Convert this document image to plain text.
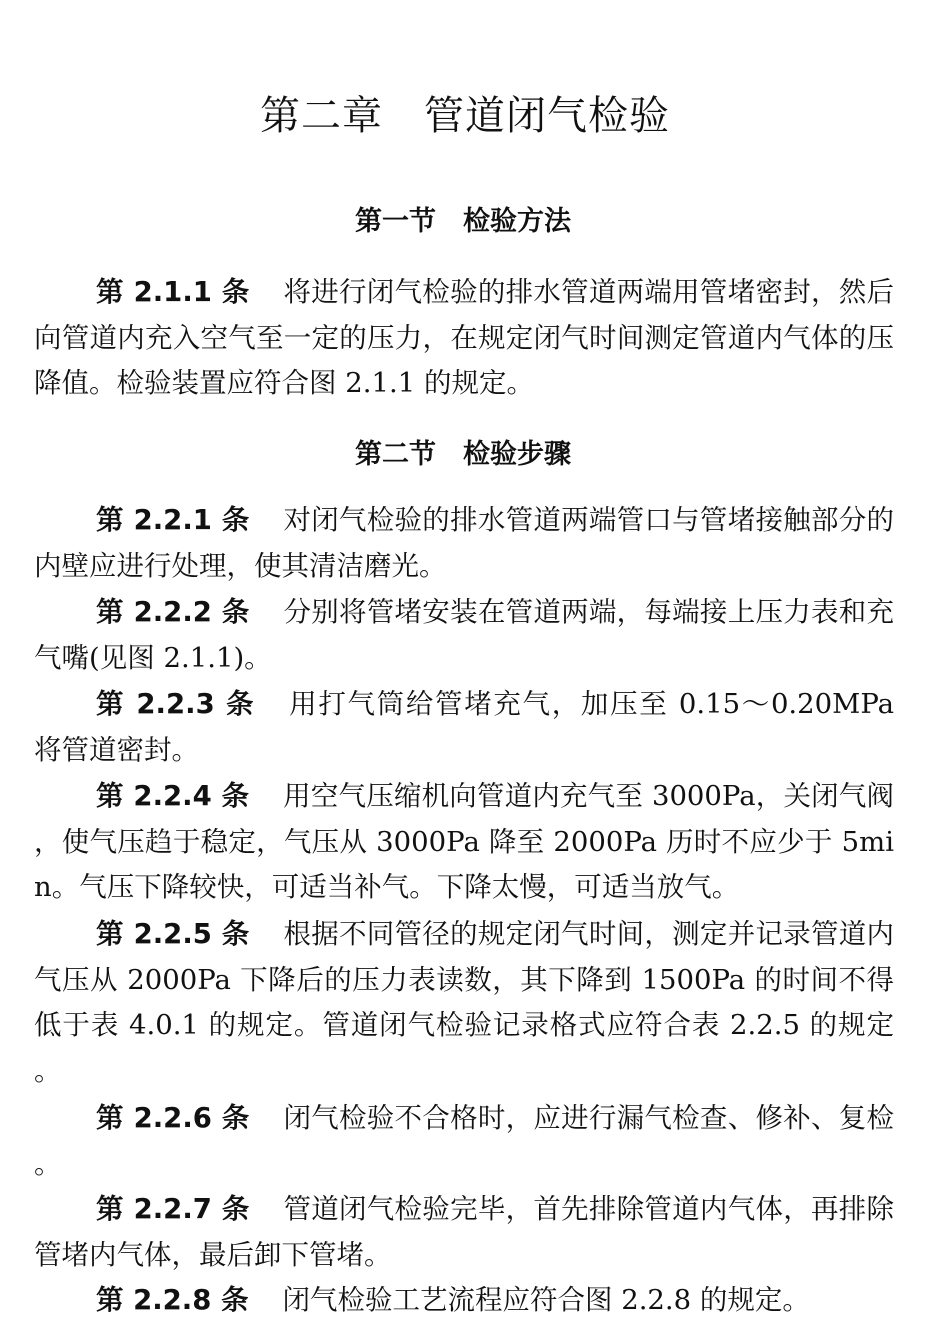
第二章　管道闭气检验
第一节　检验方法

第 2.1.1 条 将进行闭气检验的排水管道两端用管堵密封，然后向管道内充入空气至一定的压力，在规定闭气时间测定管道内气体的压降值。检验装置应符合图 2.1.1 的规定。

第二节　检验步骤

第 2.2.1 条 对闭气检验的排水管道两端管口与管堵接触部分的内壁应进行处理，使其清洁磨光。

第 2.2.2 条 分别将管堵安装在管道两端，每端接上压力表和充气嘴(见图 2.1.1)。

第 2.2.3 条 用打气筒给管堵充气，加压至 0.15～0.20MPa 将管道密封。

第 2.2.4 条 用空气压缩机向管道内充气至 3000Pa，关闭气阀，使气压趋于稳定，气压从 3000Pa 降至 2000Pa 历时不应少于 5min。气压下降较快，可适当补气。下降太慢，可适当放气。

第 2.2.5 条 根据不同管径的规定闭气时间，测定并记录管道内气压从 2000Pa 下降后的压力表读数，其下降到 1500Pa 的时间不得低于表 4.0.1 的规定。管道闭气检验记录格式应符合表 2.2.5 的规定。

第 2.2.6 条 闭气检验不合格时，应进行漏气检查、修补、复检。

第 2.2.7 条 管道闭气检验完毕，首先排除管道内气体，再排除管堵内气体，最后卸下管堵。

第 2.2.8 条 闭气检验工艺流程应符合图 2.2.8 的规定。
